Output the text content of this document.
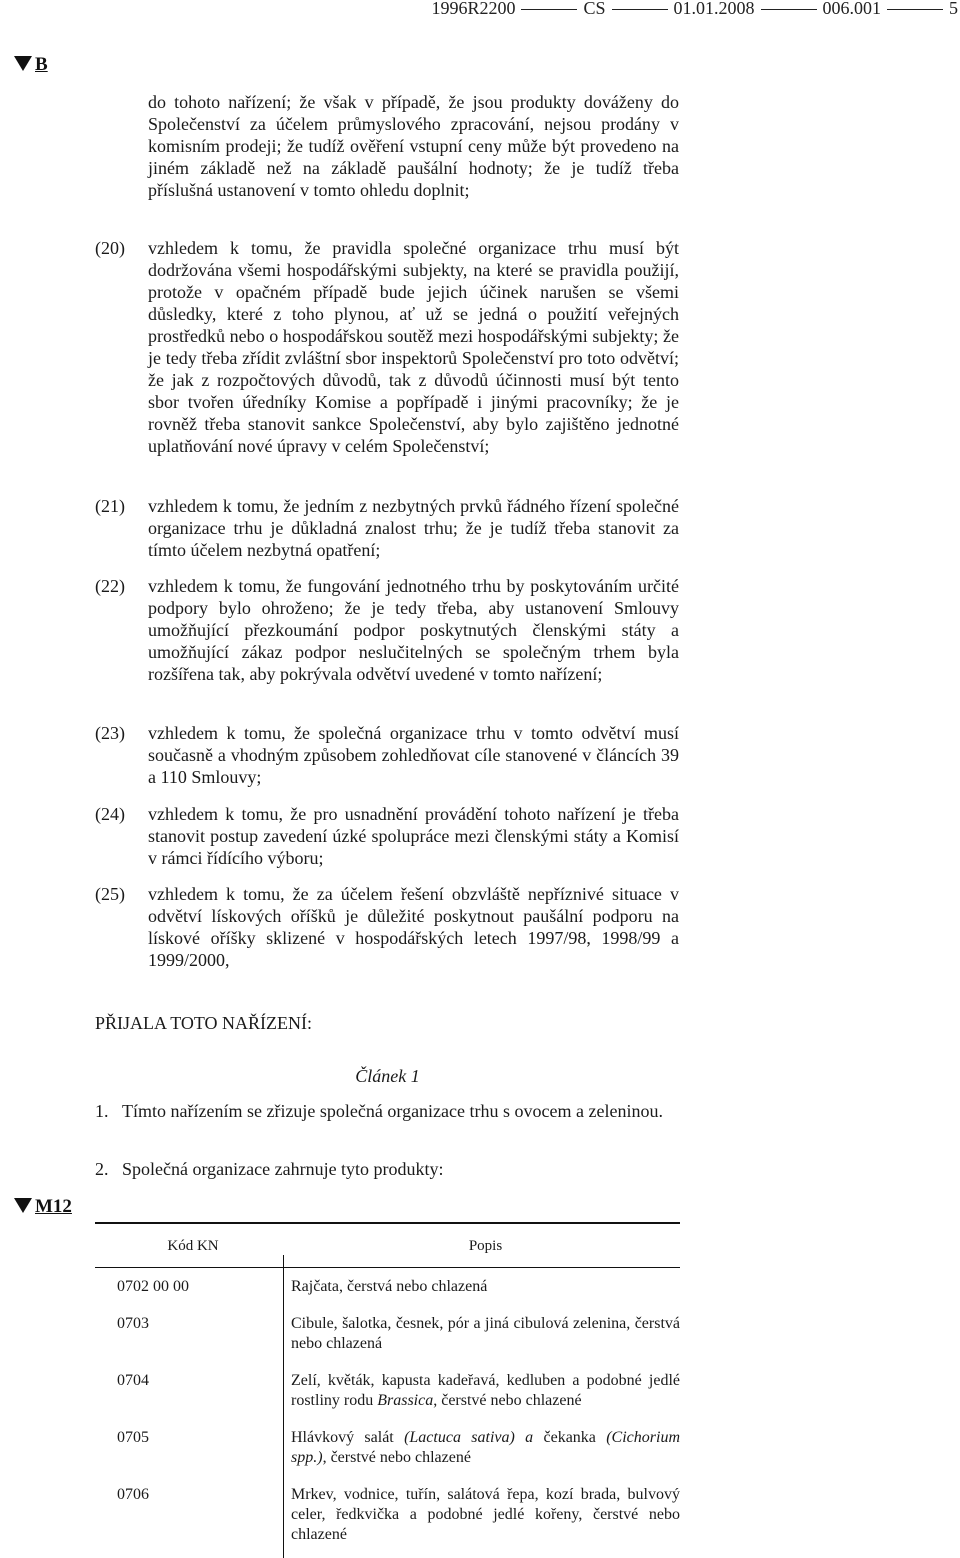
1996R2200	CS	01.01.2008	006.001	5
B
M12
do tohoto nařízení; že však v případě, že jsou produkty dováženy do Společenství za účelem průmyslového zpracování, nejsou prodány v komisním prodeji; že tudíž ověření vstupní ceny může být provedeno na jiném základě než na základě paušální hodnoty; že je tudíž třeba příslušná ustanovení v tomto ohledu doplnit;
(20) vzhledem k tomu, že pravidla společné organizace trhu musí být dodržována všemi hospodářskými subjekty, na které se pravidla použijí, protože v opačném případě bude jejich účinek narušen se všemi důsledky, které z toho plynou, ať už se jedná o použití veřejných prostředků nebo o hospodářskou soutěž mezi hospodářskými subjekty; že je tedy třeba zřídit zvláštní sbor inspektorů Společenství pro toto odvětví; že jak z rozpočtových důvodů, tak z důvodů účinnosti musí být tento sbor tvořen úředníky Komise a popřípadě i jinými pracovníky; že je rovněž třeba stanovit sankce Společenství, aby bylo zajištěno jednotné uplatňování nové úpravy v celém Společenství;
(21) vzhledem k tomu, že jedním z nezbytných prvků řádného řízení společné organizace trhu je důkladná znalost trhu; že je tudíž třeba stanovit za tímto účelem nezbytná opatření;
(22) vzhledem k tomu, že fungování jednotného trhu by poskytováním určité podpory bylo ohroženo; že je tedy třeba, aby ustanovení Smlouvy umožňující přezkoumání podpor poskytnutých členskými státy a umožňující zákaz podpor neslučitelných se společným trhem byla rozšířena tak, aby pokrývala odvětví uvedené v tomto nařízení;
(23) vzhledem k tomu, že společná organizace trhu v tomto odvětví musí současně a vhodným způsobem zohledňovat cíle stanovené v článcích 39 a 110 Smlouvy;
(24) vzhledem k tomu, že pro usnadnění provádění tohoto nařízení je třeba stanovit postup zavedení úzké spolupráce mezi členskými státy a Komisí v rámci řídícího výboru;
(25) vzhledem k tomu, že za účelem řešení obzvláště nepříznivé situace v odvětví lískových oříšků je důležité poskytnout paušální podporu na lískové oříšky sklizené v hospodářských letech 1997/98, 1998/99 a 1999/2000,
PŘIJALA TOTO NAŘÍZENÍ:
Článek 1
1. Tímto nařízením se zřizuje společná organizace trhu s ovocem a zeleninou.
2. Společná organizace zahrnuje tyto produkty:
Kód KN	Popis
0702 00 00	Rajčata, čerstvá nebo chlazená
0703	Cibule, šalotka, česnek, pór a jiná cibulová zelenina, čerstvá nebo chlazená
0704	Zelí, květák, kapusta kadeřavá, kedluben a podobné jedlé rostliny rodu Brassica, čerstvé nebo chlazené
0705	Hlávkový salát (Lactuca sativa) a čekanka (Cichorium spp.), čerstvé nebo chlazené
0706	Mrkev, vodnice, tuřín, salátová řepa, kozí brada, bulvový celer, ředkvička a podobné jedlé kořeny, čerstvé nebo chlazené
